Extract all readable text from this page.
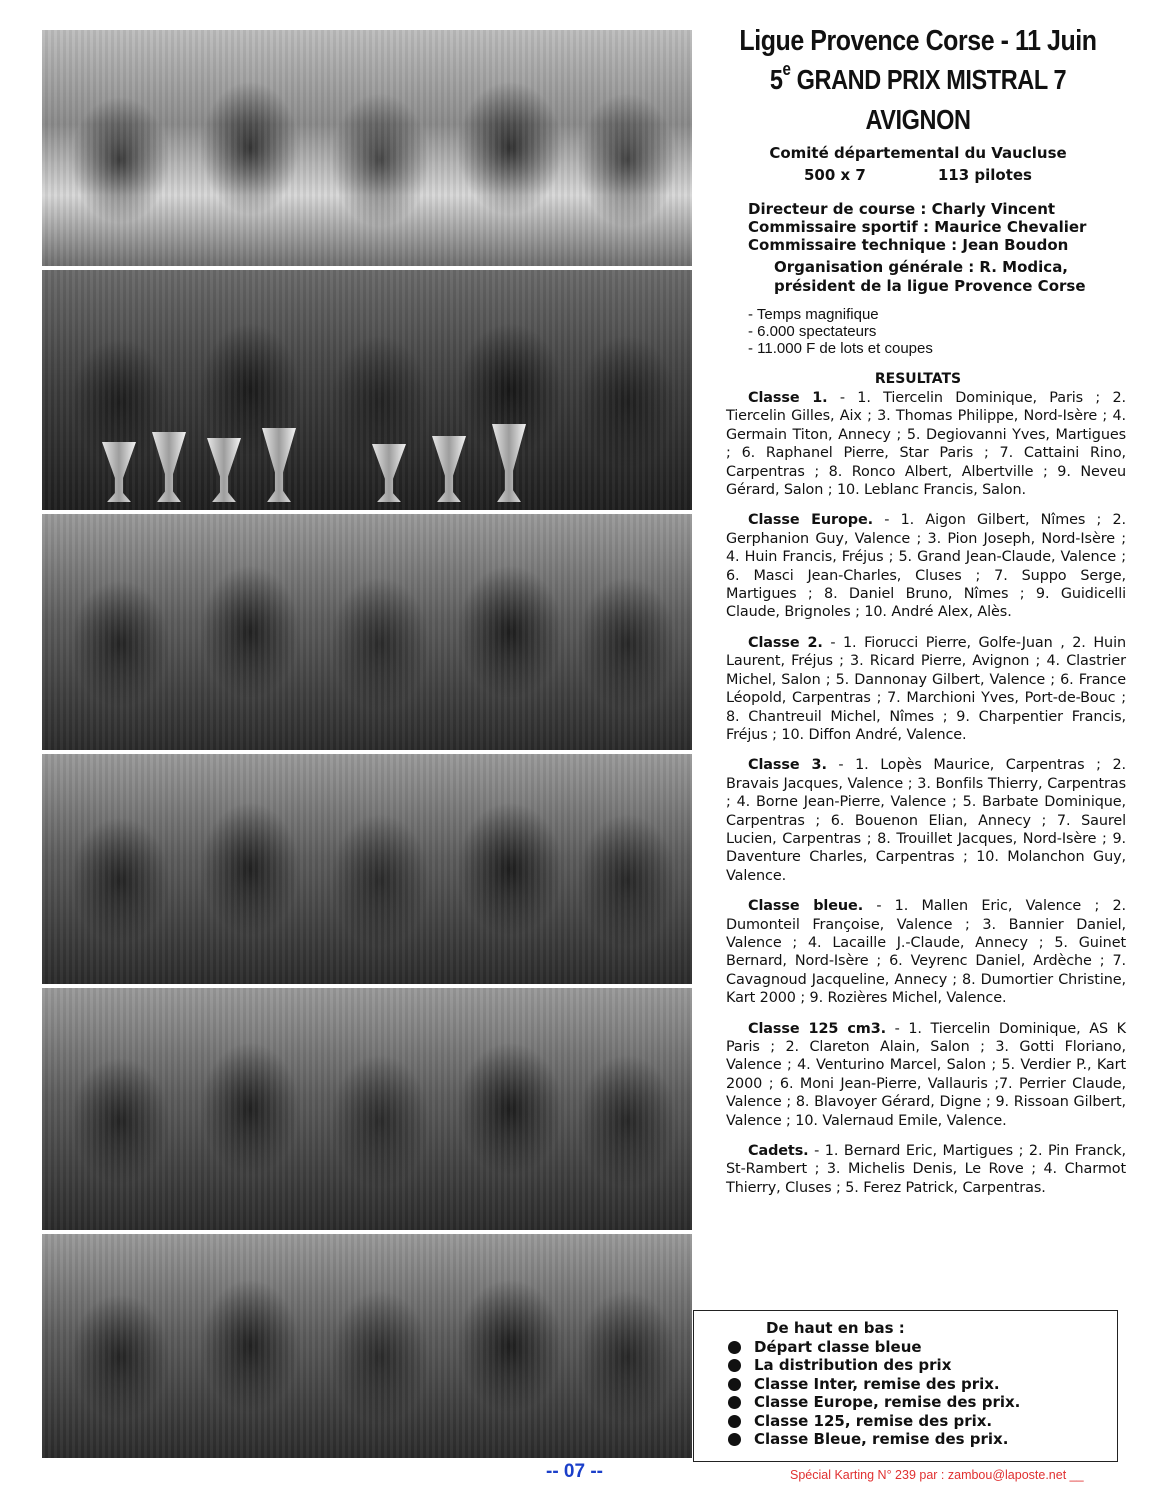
Ligue Provence Corse - 11 Juin
5e GRAND PRIX MISTRAL 7 AVIGNON
Comité départemental du Vaucluse
500 x 7	113 pilotes
Directeur de course : Charly Vincent
Commissaire sportif : Maurice Chevalier
Commissaire technique : Jean Boudon
Organisation générale : R. Modica, président de la ligue Provence Corse
- Temps magnifique
- 6.000 spectateurs
- 11.000 F de lots et coupes
RESULTATS

Classe 1. - 1. Tiercelin Dominique, Paris ; 2. Tiercelin Gilles, Aix ; 3. Thomas Philippe, Nord-Isère ; 4. Germain Titon, Annecy ; 5. Degiovanni Yves, Martigues ; 6. Raphanel Pierre, Star Paris ; 7. Cattaini Rino, Carpentras ; 8. Ronco Albert, Albertville ; 9. Neveu Gérard, Salon ; 10. Leblanc Francis, Salon.

Classe Europe. - 1. Aigon Gilbert, Nîmes ; 2. Gerphanion Guy, Valence ; 3. Pion Joseph, Nord-Isère ; 4. Huin Francis, Fréjus ; 5. Grand Jean-Claude, Valence ; 6. Masci Jean-Charles, Cluses ; 7. Suppo Serge, Martigues ; 8. Daniel Bruno, Nîmes ; 9. Guidicelli Claude, Brignoles ; 10. André Alex, Alès.

Classe 2. - 1. Fiorucci Pierre, Golfe-Juan , 2. Huin Laurent, Fréjus ; 3. Ricard Pierre, Avignon ; 4. Clastrier Michel, Salon ; 5. Dannonay Gilbert, Valence ; 6. France Léopold, Carpentras ; 7. Marchioni Yves, Port-de-Bouc ; 8. Chantreuil Michel, Nîmes ; 9. Charpentier Francis, Fréjus ; 10. Diffon André, Valence.

Classe 3. - 1. Lopès Maurice, Carpentras ; 2. Bravais Jacques, Valence ; 3. Bonfils Thierry, Carpentras ; 4. Borne Jean-Pierre, Valence ; 5. Barbate Dominique, Carpentras ; 6. Bouenon Elian, Annecy ; 7. Saurel Lucien, Carpentras ; 8. Trouillet Jacques, Nord-Isère ; 9. Daventure Charles, Carpentras ; 10. Molanchon Guy, Valence.

Classe bleue. - 1. Mallen Eric, Valence ; 2. Dumonteil Françoise, Valence ; 3. Bannier Daniel, Valence ; 4. Lacaille J.-Claude, Annecy ; 5. Guinet Bernard, Nord-Isère ; 6. Veyrenc Daniel, Ardèche ; 7. Cavagnoud Jacqueline, Annecy ; 8. Dumortier Christine, Kart 2000 ; 9. Rozières Michel, Valence.

Classe 125 cm3. - 1. Tiercelin Dominique, AS K Paris ; 2. Clareton Alain, Salon ; 3. Gotti Floriano, Valence ; 4. Venturino Marcel, Salon ; 5. Verdier P., Kart 2000 ; 6. Moni Jean-Pierre, Vallauris ;7. Perrier Claude, Valence ; 8. Blavoyer Gérard, Digne ; 9. Rissoan Gilbert, Valence ; 10. Valernaud Emile, Valence.

Cadets. - 1. Bernard Eric, Martigues ; 2. Pin Franck, St-Rambert ; 3. Michelis Denis, Le Rove ; 4. Charmot Thierry, Cluses ; 5. Ferez Patrick, Carpentras.

De haut en bas :
Départ classe bleue
La distribution des prix
Classe Inter, remise des prix.
Classe Europe, remise des prix.
Classe 125, remise des prix.
Classe Bleue, remise des prix.
-- 07 --	Spécial Karting N° 239 par : zambou@laposte.net __
